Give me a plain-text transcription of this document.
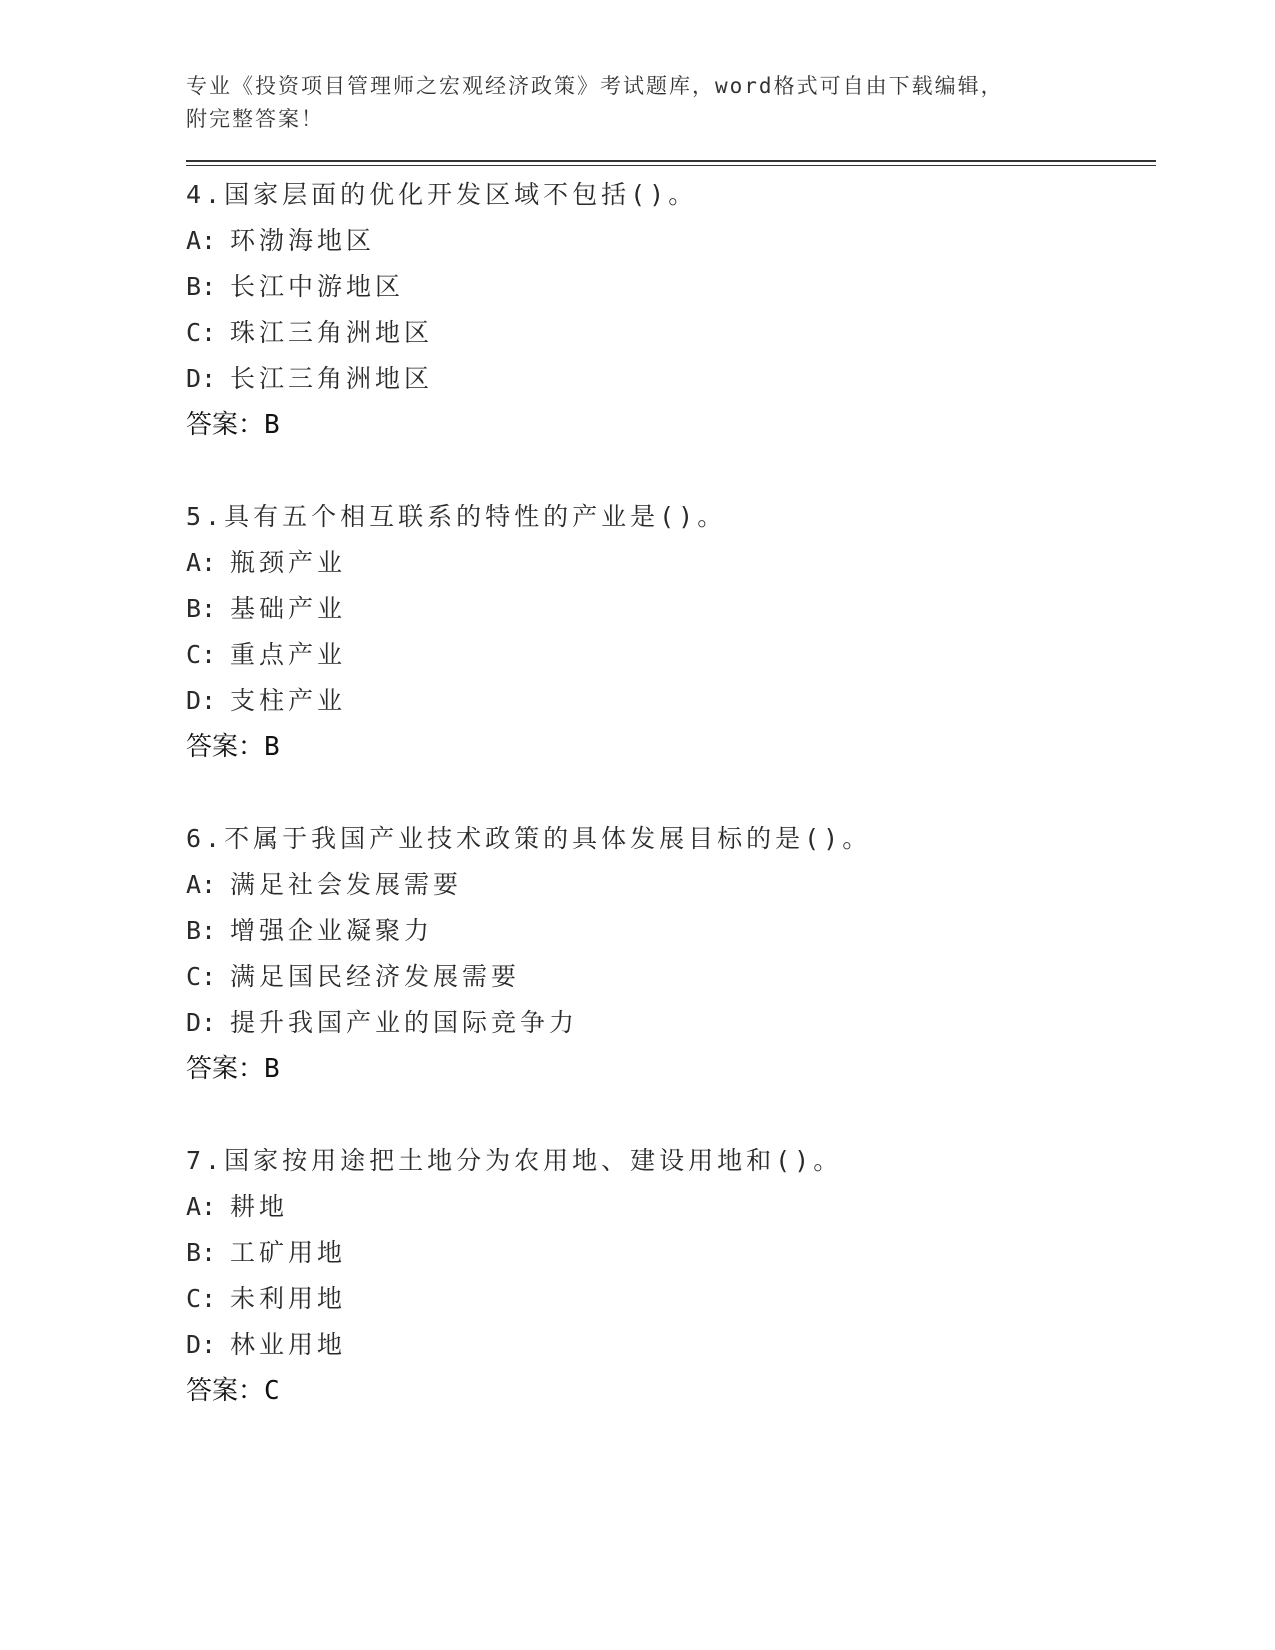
专业《投资项目管理师之宏观经济政策》考试题库，word格式可自由下载编辑，
附完整答案！
4.国家层面的优化开发区域不包括()。
A: 环渤海地区
B: 长江中游地区
C: 珠江三角洲地区
D: 长江三角洲地区
答案：B
5.具有五个相互联系的特性的产业是()。
A: 瓶颈产业
B: 基础产业
C: 重点产业
D: 支柱产业
答案：B
6.不属于我国产业技术政策的具体发展目标的是()。
A: 满足社会发展需要
B: 增强企业凝聚力
C: 满足国民经济发展需要
D: 提升我国产业的国际竞争力
答案：B
7.国家按用途把土地分为农用地、建设用地和()。
A: 耕地
B: 工矿用地
C: 未利用地
D: 林业用地
答案：C
